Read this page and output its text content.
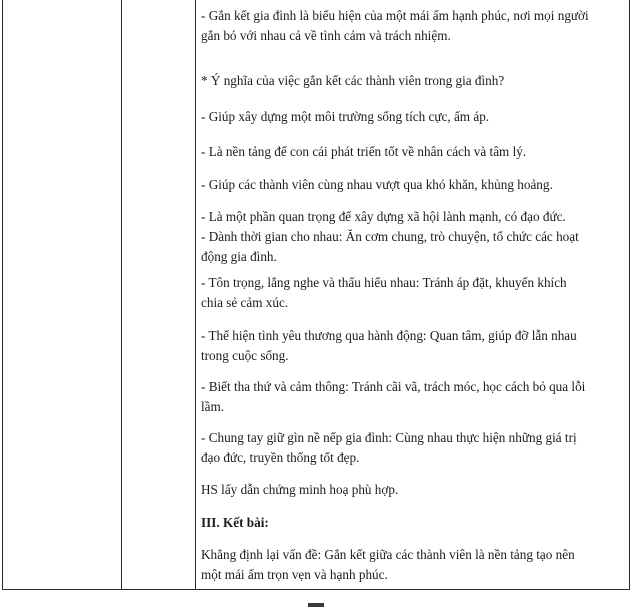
- Gắn kết gia đình là biểu hiện của một mái ấm hạnh phúc, nơi mọi người
gắn bó với nhau cả về tình cảm và trách nhiệm.

* Ý nghĩa của việc gắn kết các thành viên trong gia đình?

- Giúp xây dựng một môi trường sống tích cực, ấm áp.

- Là nền tảng để con cái phát triển tốt về nhân cách và tâm lý.

- Giúp các thành viên cùng nhau vượt qua khó khăn, khủng hoảng.

- Là một phần quan trọng để xây dựng xã hội lành mạnh, có đạo đức.
- Dành thời gian cho nhau: Ăn cơm chung, trò chuyện, tổ chức các hoạt
động gia đình.

- Tôn trọng, lắng nghe và thấu hiểu nhau: Tránh áp đặt, khuyến khích
chia sẻ cảm xúc.

- Thể hiện tình yêu thương qua hành động: Quan tâm, giúp đỡ lẫn nhau
trong cuộc sống.

- Biết tha thứ và cảm thông: Tránh cãi vã, trách móc, học cách bỏ qua lỗi
lầm.

- Chung tay giữ gìn nề nếp gia đình: Cùng nhau thực hiện những giá trị
đạo đức, truyền thống tốt đẹp.

HS lấy dẫn chứng minh hoạ phù hợp.

III. Kết bài:

Khẳng định lại vấn đề: Gắn kết giữa các thành viên là nền tảng tạo nên
một mái ấm trọn vẹn và hạnh phúc.
